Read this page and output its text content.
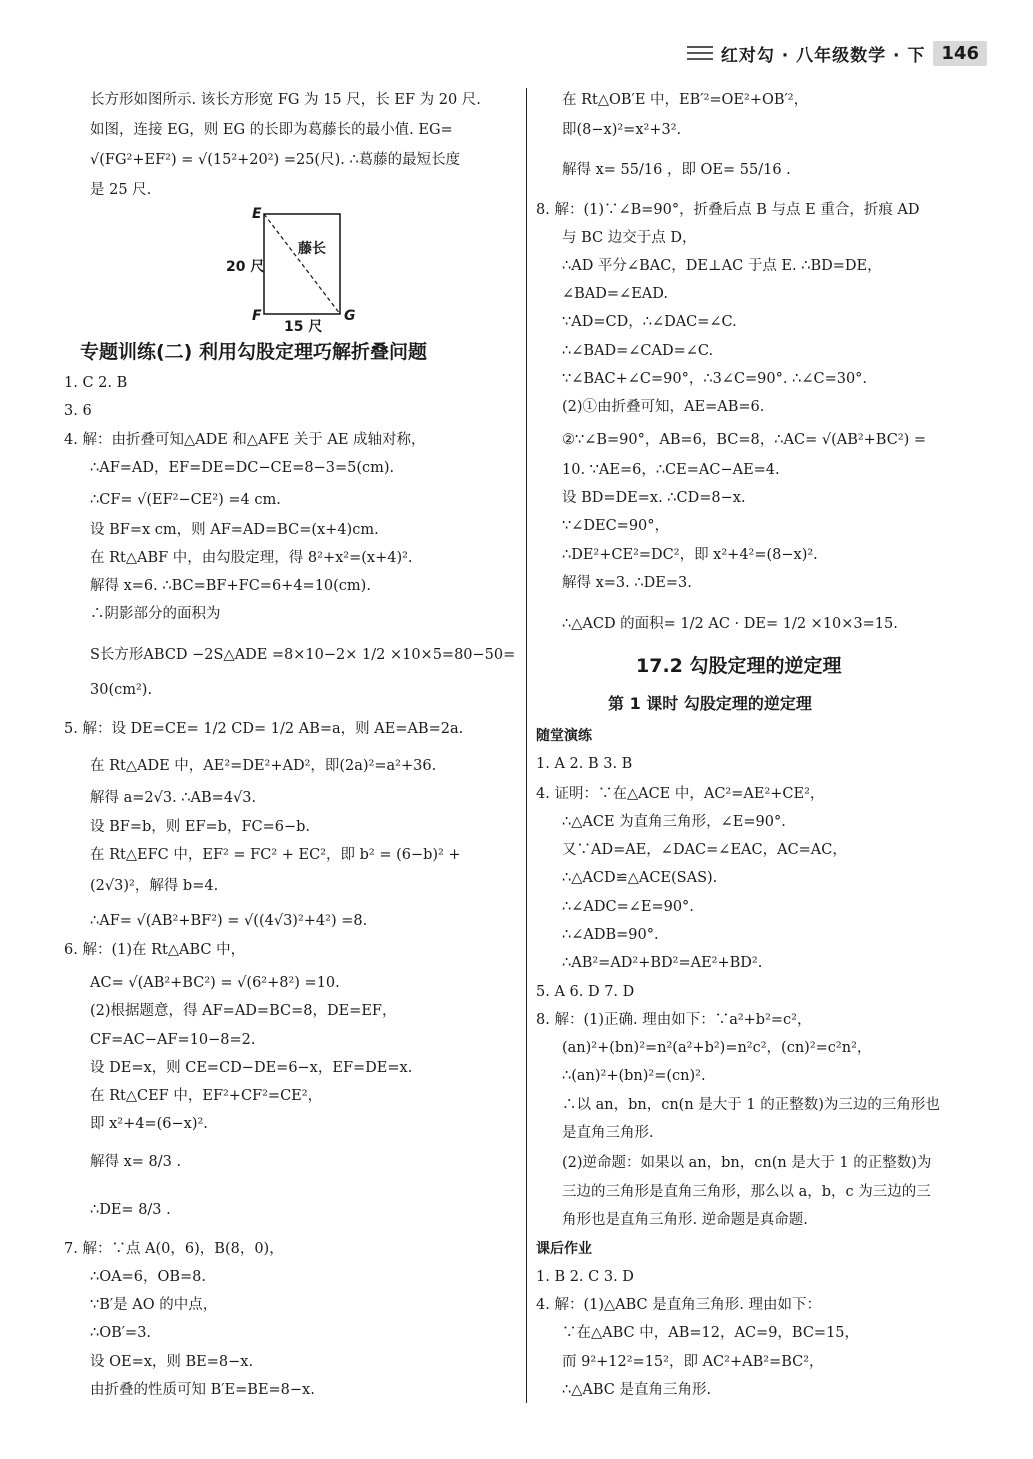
红对勾 · 八年级数学 · 下 146
长方形如图所示. 该长方形宽 FG 为 15 尺，长 EF 为 20 尺.
如图，连接 EG，则 EG 的长即为葛藤长的最小值. EG=
√(FG²+EF²) = √(15²+20²) =25(尺). ∴葛藤的最短长度
是 25 尺.
E
F	G
20 尺
15 尺
藤长
专题训练(二) 利用勾股定理巧解折叠问题
1. C 2. B
3. 6
4. 解：由折叠可知△ADE 和△AFE 关于 AE 成轴对称，
∴AF=AD，EF=DE=DC−CE=8−3=5(cm).
∴CF= √(EF²−CE²) =4 cm.
设 BF=x cm，则 AF=AD=BC=(x+4)cm.
在 Rt△ABF 中，由勾股定理，得 8²+x²=(x+4)².
解得 x=6. ∴BC=BF+FC=6+4=10(cm).
∴阴影部分的面积为
S长方形ABCD −2S△ADE =8×10−2× 1/2 ×10×5=80−50=
30(cm²).
5. 解：设 DE=CE= 1/2 CD= 1/2 AB=a，则 AE=AB=2a.
在 Rt△ADE 中，AE²=DE²+AD²，即(2a)²=a²+36.
解得 a=2√3. ∴AB=4√3.
设 BF=b，则 EF=b，FC=6−b.
在 Rt△EFC 中，EF² = FC² + EC²，即 b² = (6−b)² +
(2√3)²，解得 b=4.
∴AF= √(AB²+BF²) = √((4√3)²+4²) =8.
6. 解：(1)在 Rt△ABC 中，
AC= √(AB²+BC²) = √(6²+8²) =10.
(2)根据题意，得 AF=AD=BC=8，DE=EF，
CF=AC−AF=10−8=2.
设 DE=x，则 CE=CD−DE=6−x，EF=DE=x.
在 Rt△CEF 中，EF²+CF²=CE²，
即 x²+4=(6−x)².
解得 x= 8/3 .
∴DE= 8/3 .
7. 解：∵点 A(0，6)，B(8，0)，
∴OA=6，OB=8.
∵B′是 AO 的中点，
∴OB′=3.
设 OE=x，则 BE=8−x.
由折叠的性质可知 B′E=BE=8−x.
在 Rt△OB′E 中，EB′²=OE²+OB′²，
即(8−x)²=x²+3².
解得 x= 55/16 ，即 OE= 55/16 .
8. 解：(1)∵∠B=90°，折叠后点 B 与点 E 重合，折痕 AD
与 BC 边交于点 D，
∴AD 平分∠BAC，DE⊥AC 于点 E. ∴BD=DE，
∠BAD=∠EAD.
∵AD=CD，∴∠DAC=∠C.
∴∠BAD=∠CAD=∠C.
∵∠BAC+∠C=90°，∴3∠C=90°. ∴∠C=30°.
(2)①由折叠可知，AE=AB=6.
②∵∠B=90°，AB=6，BC=8，∴AC= √(AB²+BC²) =
10. ∵AE=6，∴CE=AC−AE=4.
设 BD=DE=x. ∴CD=8−x.
∵∠DEC=90°，
∴DE²+CE²=DC²，即 x²+4²=(8−x)².
解得 x=3. ∴DE=3.
∴△ACD 的面积= 1/2 AC · DE= 1/2 ×10×3=15.
17.2 勾股定理的逆定理
第 1 课时 勾股定理的逆定理
随堂演练
1. A 2. B 3. B
4. 证明：∵在△ACE 中，AC²=AE²+CE²，
∴△ACE 为直角三角形，∠E=90°.
又∵AD=AE，∠DAC=∠EAC，AC=AC，
∴△ACD≌△ACE(SAS).
∴∠ADC=∠E=90°.
∴∠ADB=90°.
∴AB²=AD²+BD²=AE²+BD².
5. A 6. D 7. D
8. 解：(1)正确. 理由如下：∵a²+b²=c²，
(an)²+(bn)²=n²(a²+b²)=n²c²，(cn)²=c²n²，
∴(an)²+(bn)²=(cn)².
∴以 an，bn，cn(n 是大于 1 的正整数)为三边的三角形也
是直角三角形.
(2)逆命题：如果以 an，bn，cn(n 是大于 1 的正整数)为
三边的三角形是直角三角形，那么以 a，b，c 为三边的三
角形也是直角三角形. 逆命题是真命题.
课后作业
1. B 2. C 3. D
4. 解：(1)△ABC 是直角三角形. 理由如下：
∵在△ABC 中，AB=12，AC=9，BC=15，
而 9²+12²=15²，即 AC²+AB²=BC²，
∴△ABC 是直角三角形.
